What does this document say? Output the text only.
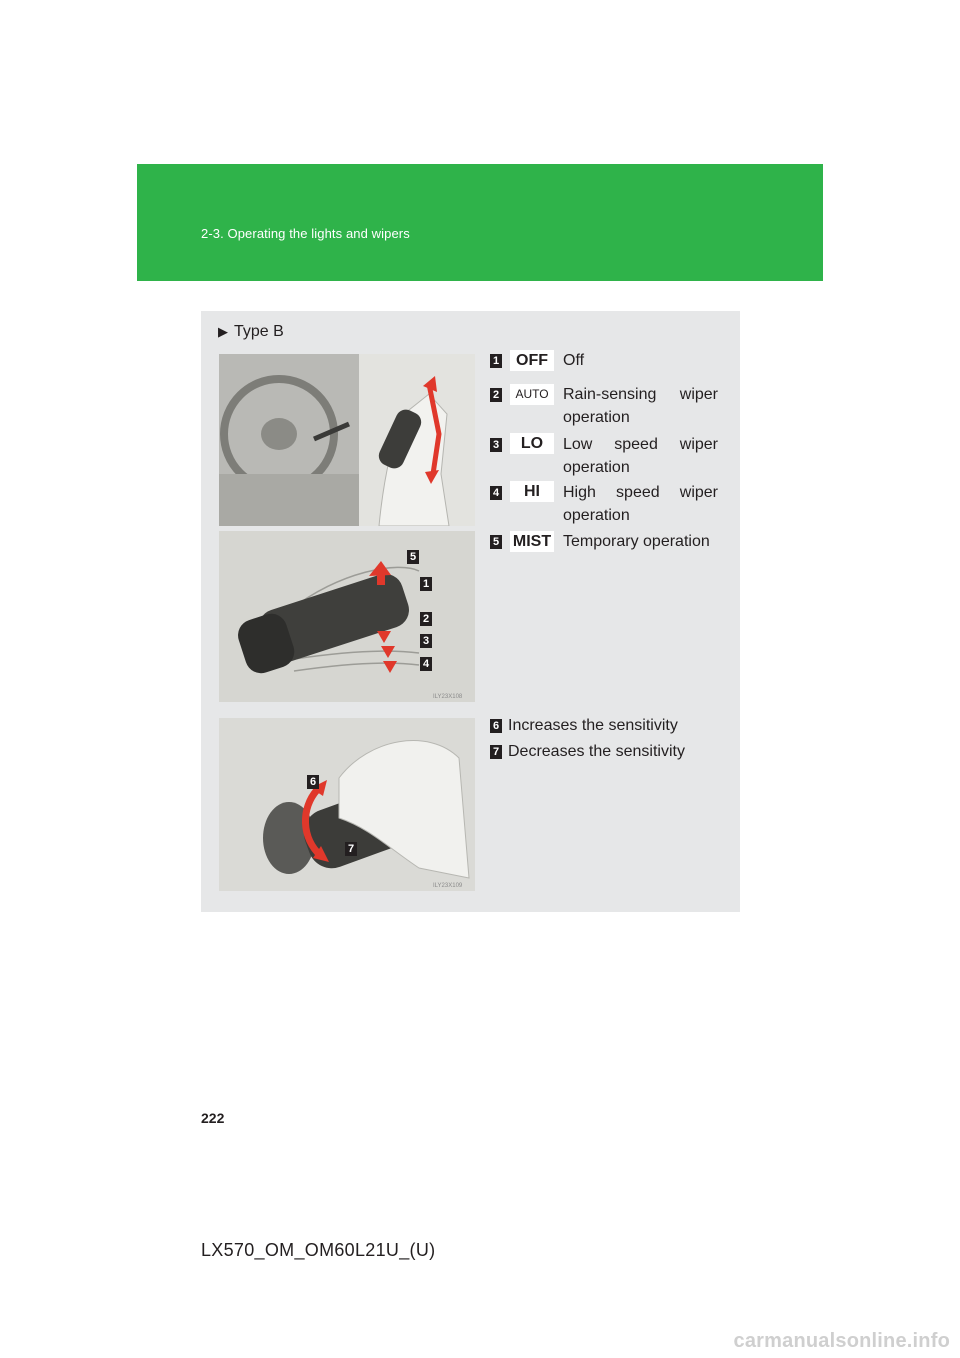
2-3. Operating the lights and wipers
▶ Type B
5
1
2
3
4
ILY23X108
6
7
ILY23X109
1	OFF Off
2	AUTO Rain-sensing wiper
operation
3	LO	Low speed wiper
operation
4	HI	High speed wiper
operation
5 MIST Temporary operation
6 Increases the sensitivity
7 Decreases the sensitivity
222
LX570_OM_OM60L21U_(U)
carmanualsonline.info
